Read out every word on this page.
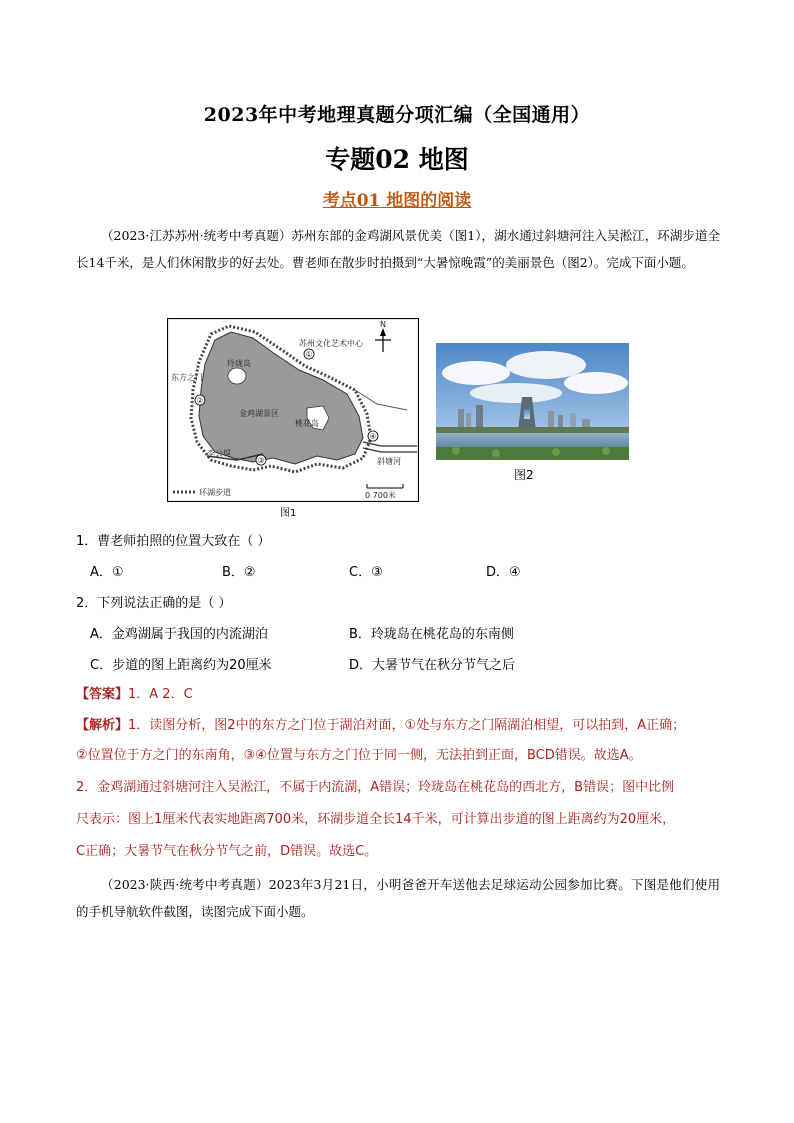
2023年中考地理真题分项汇编（全国通用）
专题02 地图
考点01 地图的阅读
（2023·江苏苏州·统考中考真题）苏州东部的金鸡湖风景优美（图1），湖水通过斜塘河注入吴淞江，环湖步道全长14千米，是人们休闲散步的好去处。曹老师在散步时拍摄到“大暑惊晚霞”的美丽景色（图2）。完成下面小题。
①
②
③
④
N
苏州文化艺术中心
东方之门
玲珑岛
金鸡湖景区
桃花岛
李公堤
斜塘河
环湖步道	0 700米
图1
图2
1．曹老师拍照的位置大致在（ ）
A．①	B．②	C．③	D．④
2．下列说法正确的是（ ）
A．金鸡湖属于我国的内流湖泊	B．玲珑岛在桃花岛的东南侧
C．步道的图上距离约为20厘米	D．大暑节气在秋分节气之后
【答案】1．A 2．C
【解析】1．读图分析，图2中的东方之门位于湖泊对面，①处与东方之门隔湖泊相望，可以拍到，A正确；
②位置位于方之门的东南角，③④位置与东方之门位于同一侧，无法拍到正面，BCD错误。故选A。
2．金鸡湖通过斜塘河注入吴淞江，不属于内流湖，A错误；玲珑岛在桃花岛的西北方，B错误；图中比例
尺表示：图上1厘米代表实地距离700米，环湖步道全长14千米，可计算出步道的图上距离约为20厘米，
C正确；大暑节气在秋分节气之前，D错误。故选C。
（2023·陕西·统考中考真题）2023年3月21日，小明爸爸开车送他去足球运动公园参加比赛。下图是他们使用的手机导航软件截图，读图完成下面小题。
